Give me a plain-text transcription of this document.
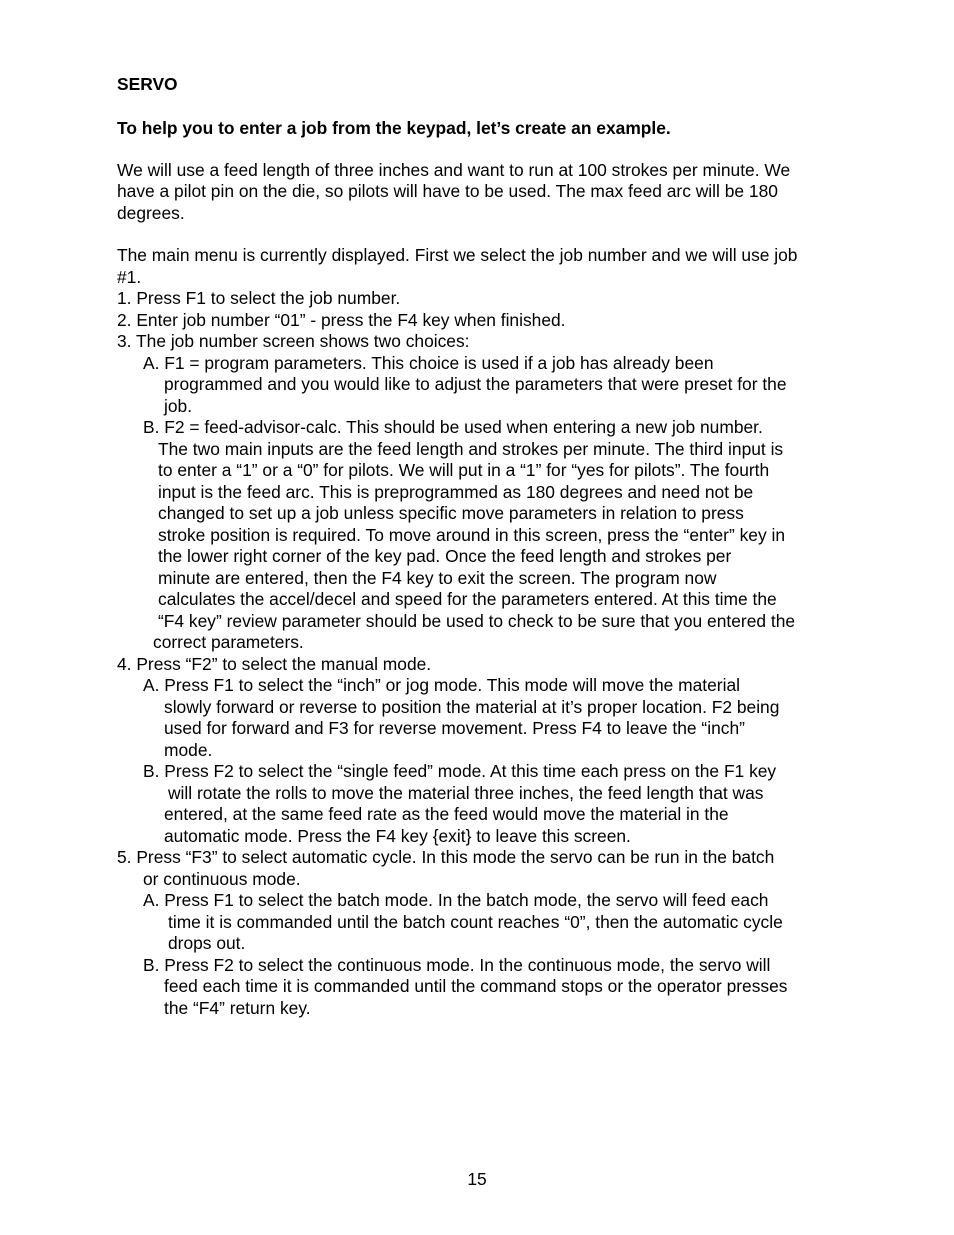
SERVO
To help you to enter a job from the keypad, let’s create an example.
We will use a feed length of three inches and want to run at 100 strokes per minute. We
have a pilot pin on the die, so pilots will have to be used. The max feed arc will be 180
degrees.
The main menu is currently displayed. First we select the job number and we will use job
#1.
1. Press F1 to select the job number.
2. Enter job number “01” - press the F4 key when finished.
3. The job number screen shows two choices:
A. F1 = program parameters. This choice is used if a job has already been
programmed and you would like to adjust the parameters that were preset for the
job.
B. F2 = feed-advisor-calc. This should be used when entering a new job number.
The two main inputs are the feed length and strokes per minute. The third input is
to enter a “1” or a “0” for pilots. We will put in a “1” for “yes for pilots”. The fourth
input is the feed arc. This is preprogrammed as 180 degrees and need not be
changed to set up a job unless specific move parameters in relation to press
stroke position is required. To move around in this screen, press the “enter” key in
the lower right corner of the key pad. Once the feed length and strokes per
minute are entered, then the F4 key to exit the screen. The program now
calculates the accel/decel and speed for the parameters entered. At this time the
“F4 key” review parameter should be used to check to be sure that you entered the
correct parameters.
4. Press “F2” to select the manual mode.
A. Press F1 to select the “inch” or jog mode. This mode will move the material
slowly forward or reverse to position the material at it’s proper location. F2 being
used for forward and F3 for reverse movement. Press F4 to leave the “inch”
mode.
B. Press F2 to select the “single feed” mode. At this time each press on the F1 key
will rotate the rolls to move the material three inches, the feed length that was
entered, at the same feed rate as the feed would move the material in the
automatic mode. Press the F4 key {exit} to leave this screen.
5. Press “F3” to select automatic cycle. In this mode the servo can be run in the batch
or continuous mode.
A. Press F1 to select the batch mode. In the batch mode, the servo will feed each
time it is commanded until the batch count reaches “0”, then the automatic cycle
drops out.
B. Press F2 to select the continuous mode. In the continuous mode, the servo will
feed each time it is commanded until the command stops or the operator presses
the “F4” return key.
15
